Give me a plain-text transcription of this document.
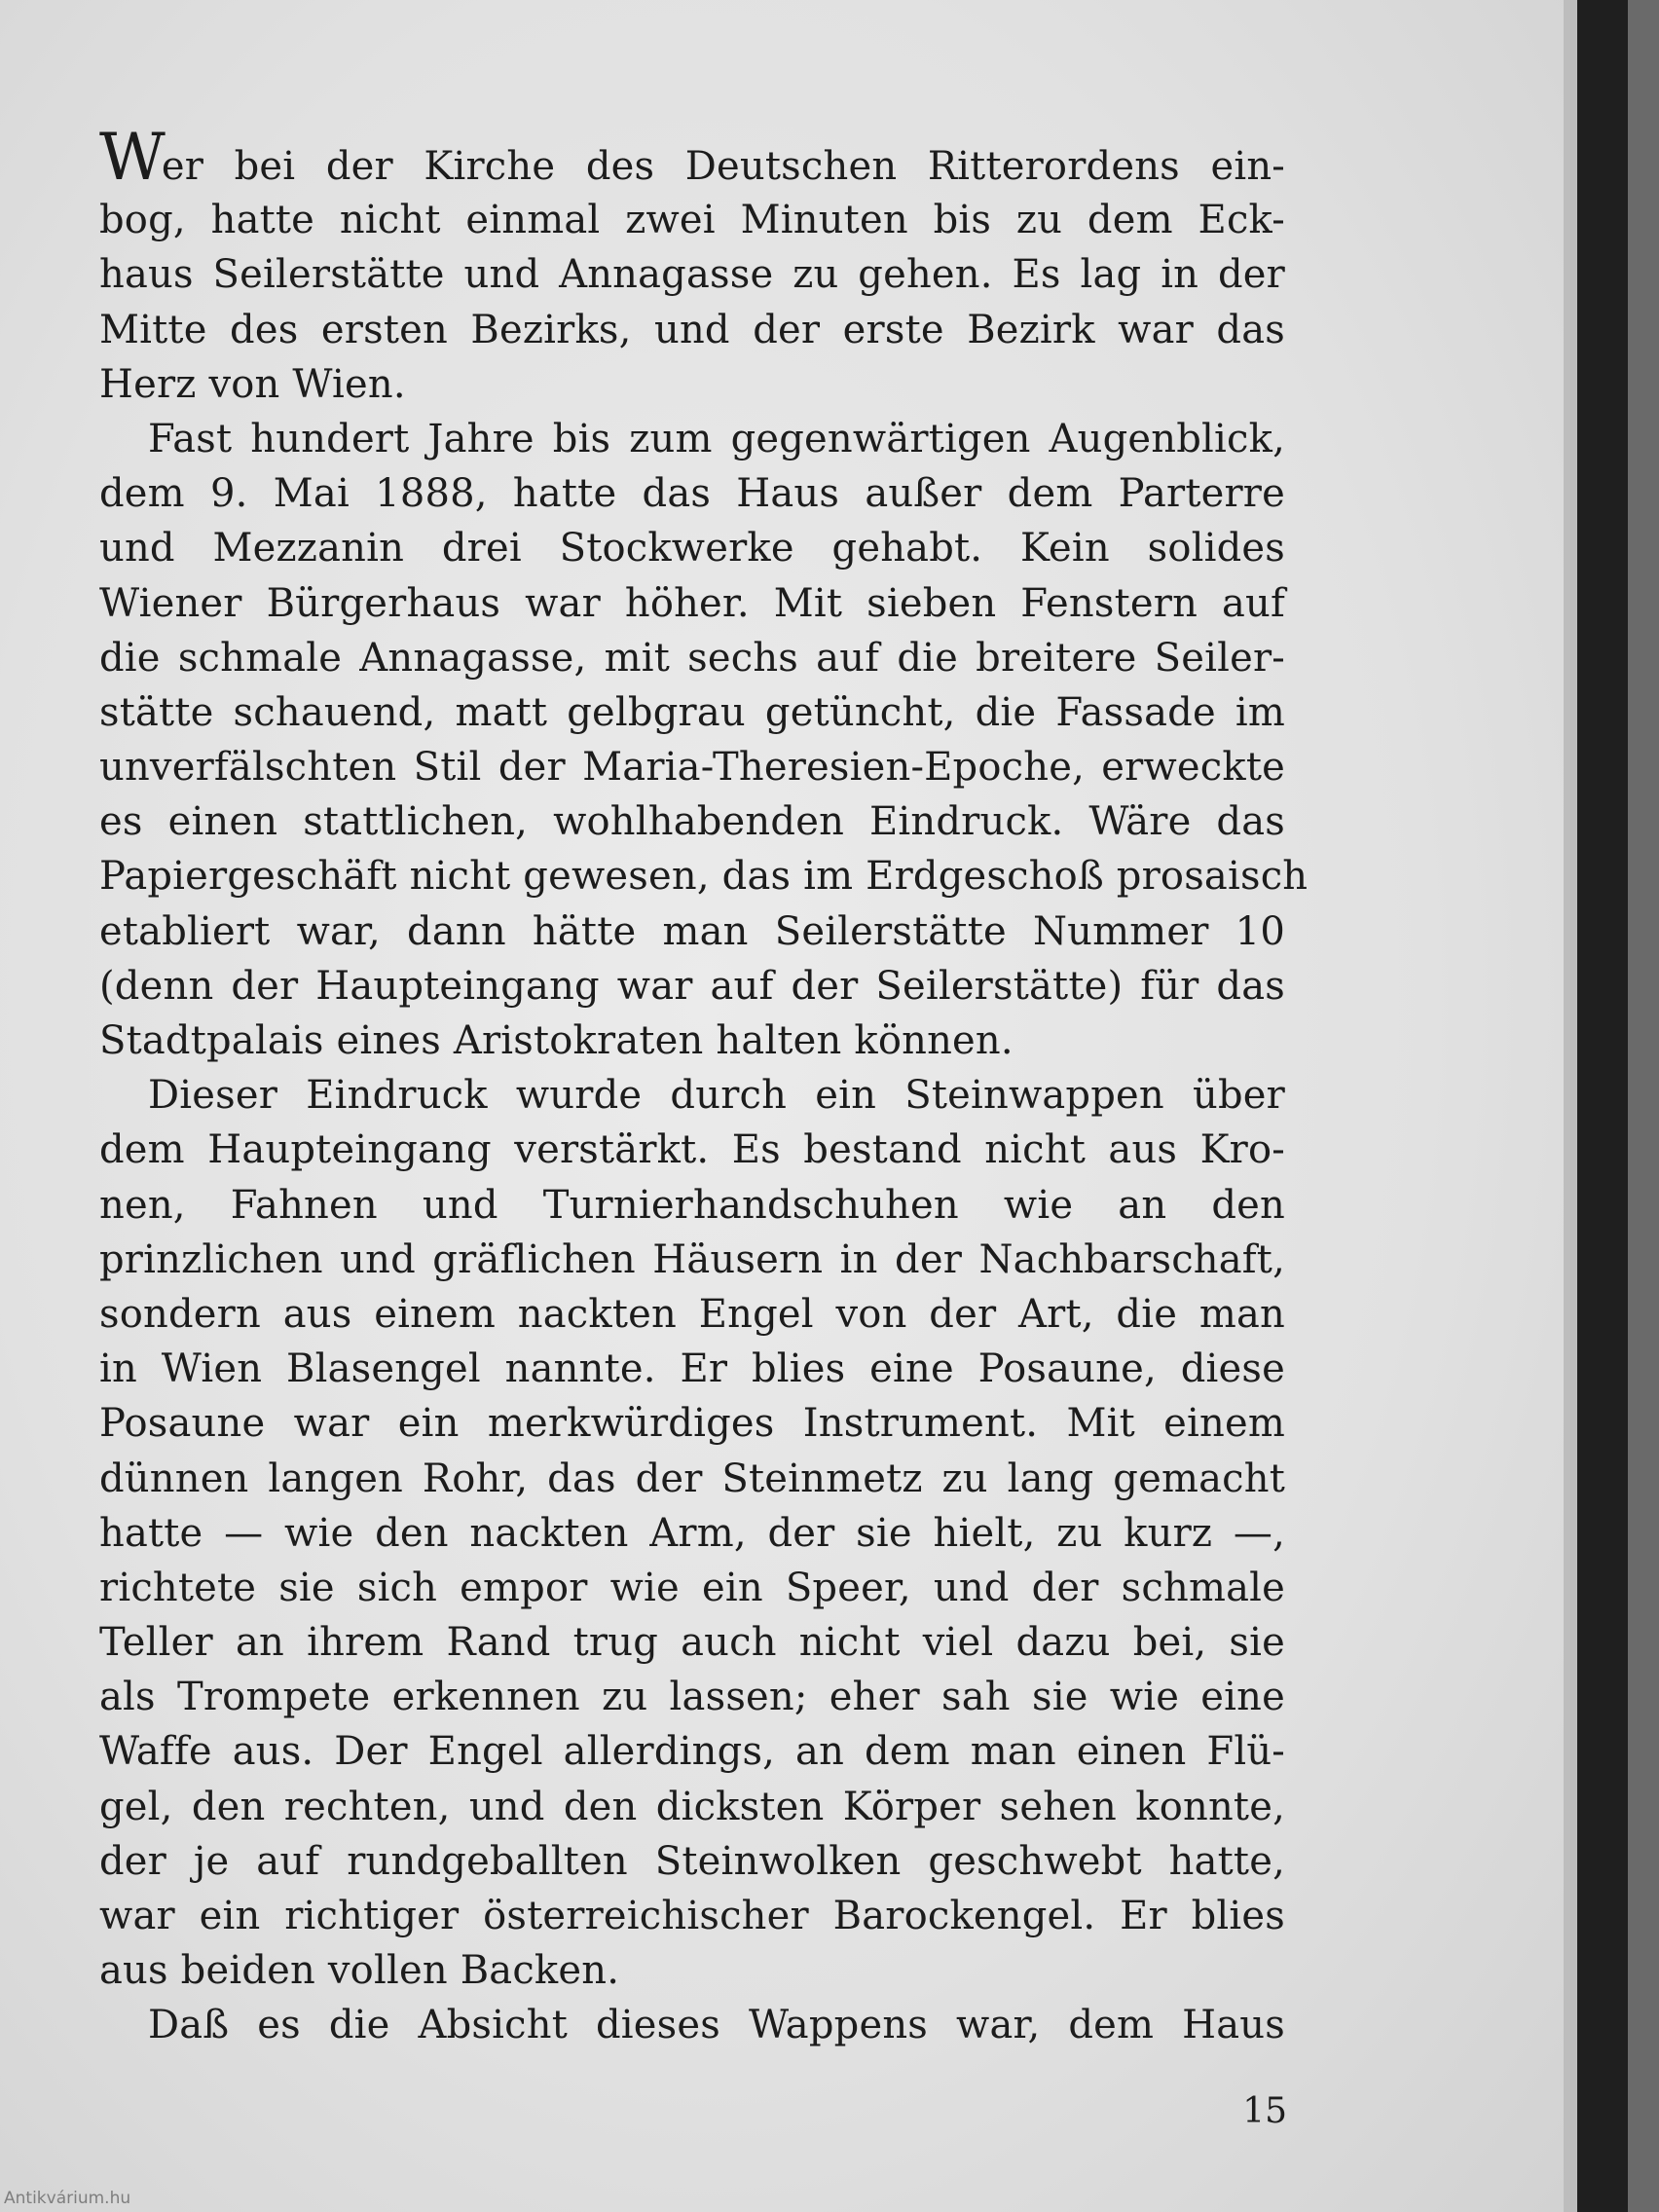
Wer bei der Kirche des Deutschen Ritterordens ein-
bog, hatte nicht einmal zwei Minuten bis zu dem Eck-
haus Seilerstätte und Annagasse zu gehen. Es lag in der
Mitte des ersten Bezirks, und der erste Bezirk war das
Herz von Wien.
Fast hundert Jahre bis zum gegenwärtigen Augenblick,
dem 9. Mai 1888, hatte das Haus außer dem Parterre
und Mezzanin drei Stockwerke gehabt. Kein solides
Wiener Bürgerhaus war höher. Mit sieben Fenstern auf
die schmale Annagasse, mit sechs auf die breitere Seiler-
stätte schauend, matt gelbgrau getüncht, die Fassade im
unverfälschten Stil der Maria-Theresien-Epoche, erweckte
es einen stattlichen, wohlhabenden Eindruck. Wäre das
Papiergeschäft nicht gewesen, das im Erdgeschoß prosaisch
etabliert war, dann hätte man Seilerstätte Nummer 10
(denn der Haupteingang war auf der Seilerstätte) für das
Stadtpalais eines Aristokraten halten können.
Dieser Eindruck wurde durch ein Steinwappen über
dem Haupteingang verstärkt. Es bestand nicht aus Kro-
nen, Fahnen und Turnierhandschuhen wie an den
prinzlichen und gräflichen Häusern in der Nachbarschaft,
sondern aus einem nackten Engel von der Art, die man
in Wien Blasengel nannte. Er blies eine Posaune, diese
Posaune war ein merkwürdiges Instrument. Mit einem
dünnen langen Rohr, das der Steinmetz zu lang gemacht
hatte — wie den nackten Arm, der sie hielt, zu kurz —,
richtete sie sich empor wie ein Speer, und der schmale
Teller an ihrem Rand trug auch nicht viel dazu bei, sie
als Trompete erkennen zu lassen; eher sah sie wie eine
Waffe aus. Der Engel allerdings, an dem man einen Flü-
gel, den rechten, und den dicksten Körper sehen konnte,
der je auf rundgeballten Steinwolken geschwebt hatte,
war ein richtiger österreichischer Barockengel. Er blies
aus beiden vollen Backen.
Daß es die Absicht dieses Wappens war, dem Haus
15
Antikvárium.hu
